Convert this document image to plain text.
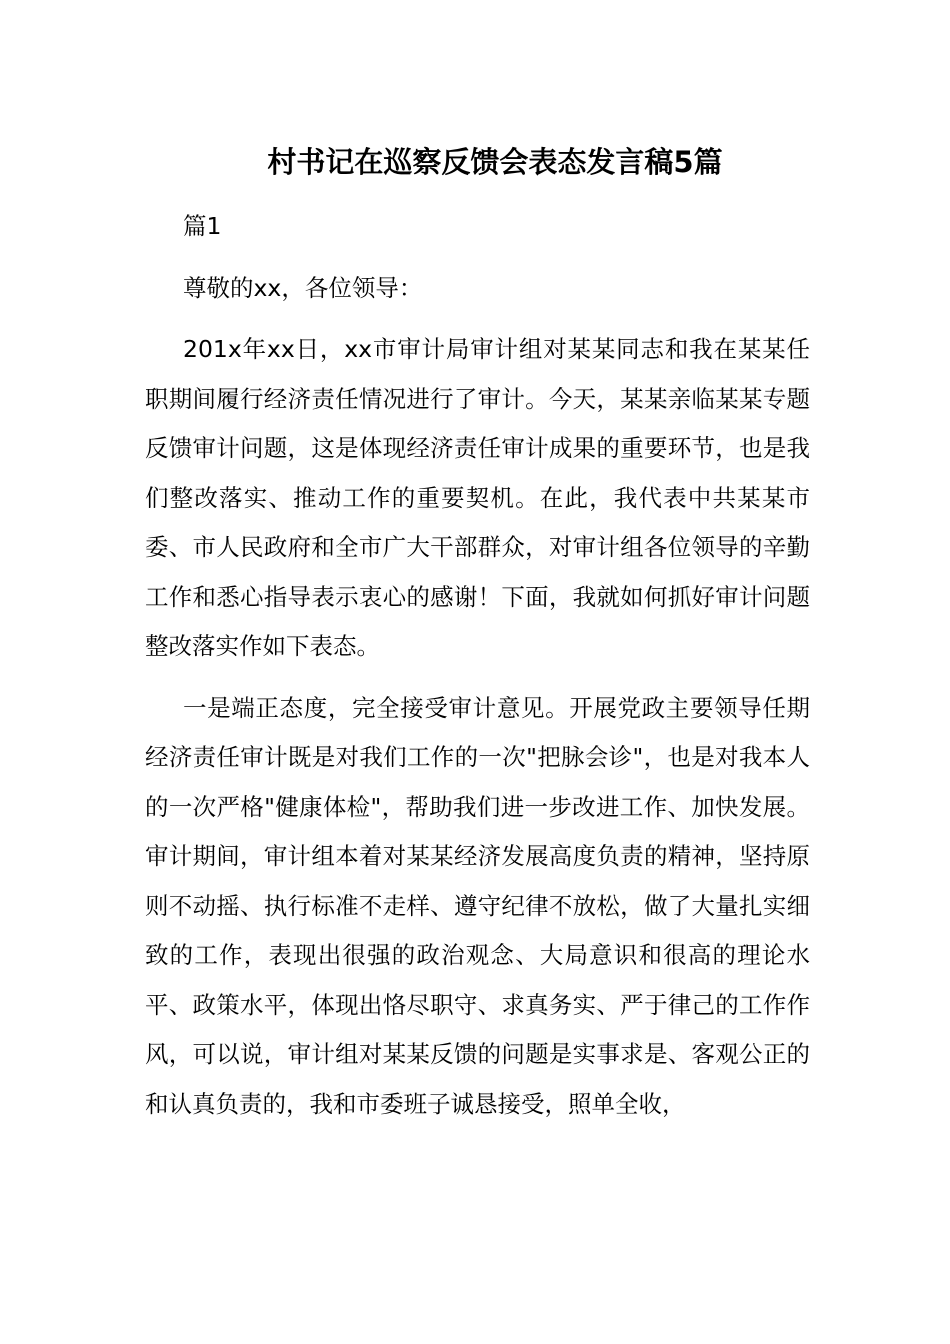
村书记在巡察反馈会表态发言稿5篇

篇1

尊敬的xx，各位领导：

201x年xx日，xx市审计局审计组对某某同志和我在某某任职期间履行经济责任情况进行了审计。今天，某某亲临某某专题反馈审计问题，这是体现经济责任审计成果的重要环节，也是我们整改落实、推动工作的重要契机。在此，我代表中共某某市委、市人民政府和全市广大干部群众，对审计组各位领导的辛勤工作和悉心指导表示衷心的感谢！下面，我就如何抓好审计问题整改落实作如下表态。

一是端正态度，完全接受审计意见。开展党政主要领导任期经济责任审计既是对我们工作的一次"把脉会诊"，也是对我本人的一次严格"健康体检"，帮助我们进一步改进工作、加快发展。审计期间，审计组本着对某某经济发展高度负责的精神，坚持原则不动摇、执行标准不走样、遵守纪律不放松，做了大量扎实细致的工作，表现出很强的政治观念、大局意识和很高的理论水平、政策水平，体现出恪尽职守、求真务实、严于律己的工作作风，可以说，审计组对某某反馈的问题是实事求是、客观公正的和认真负责的，我和市委班子诚恳接受，照单全收，
